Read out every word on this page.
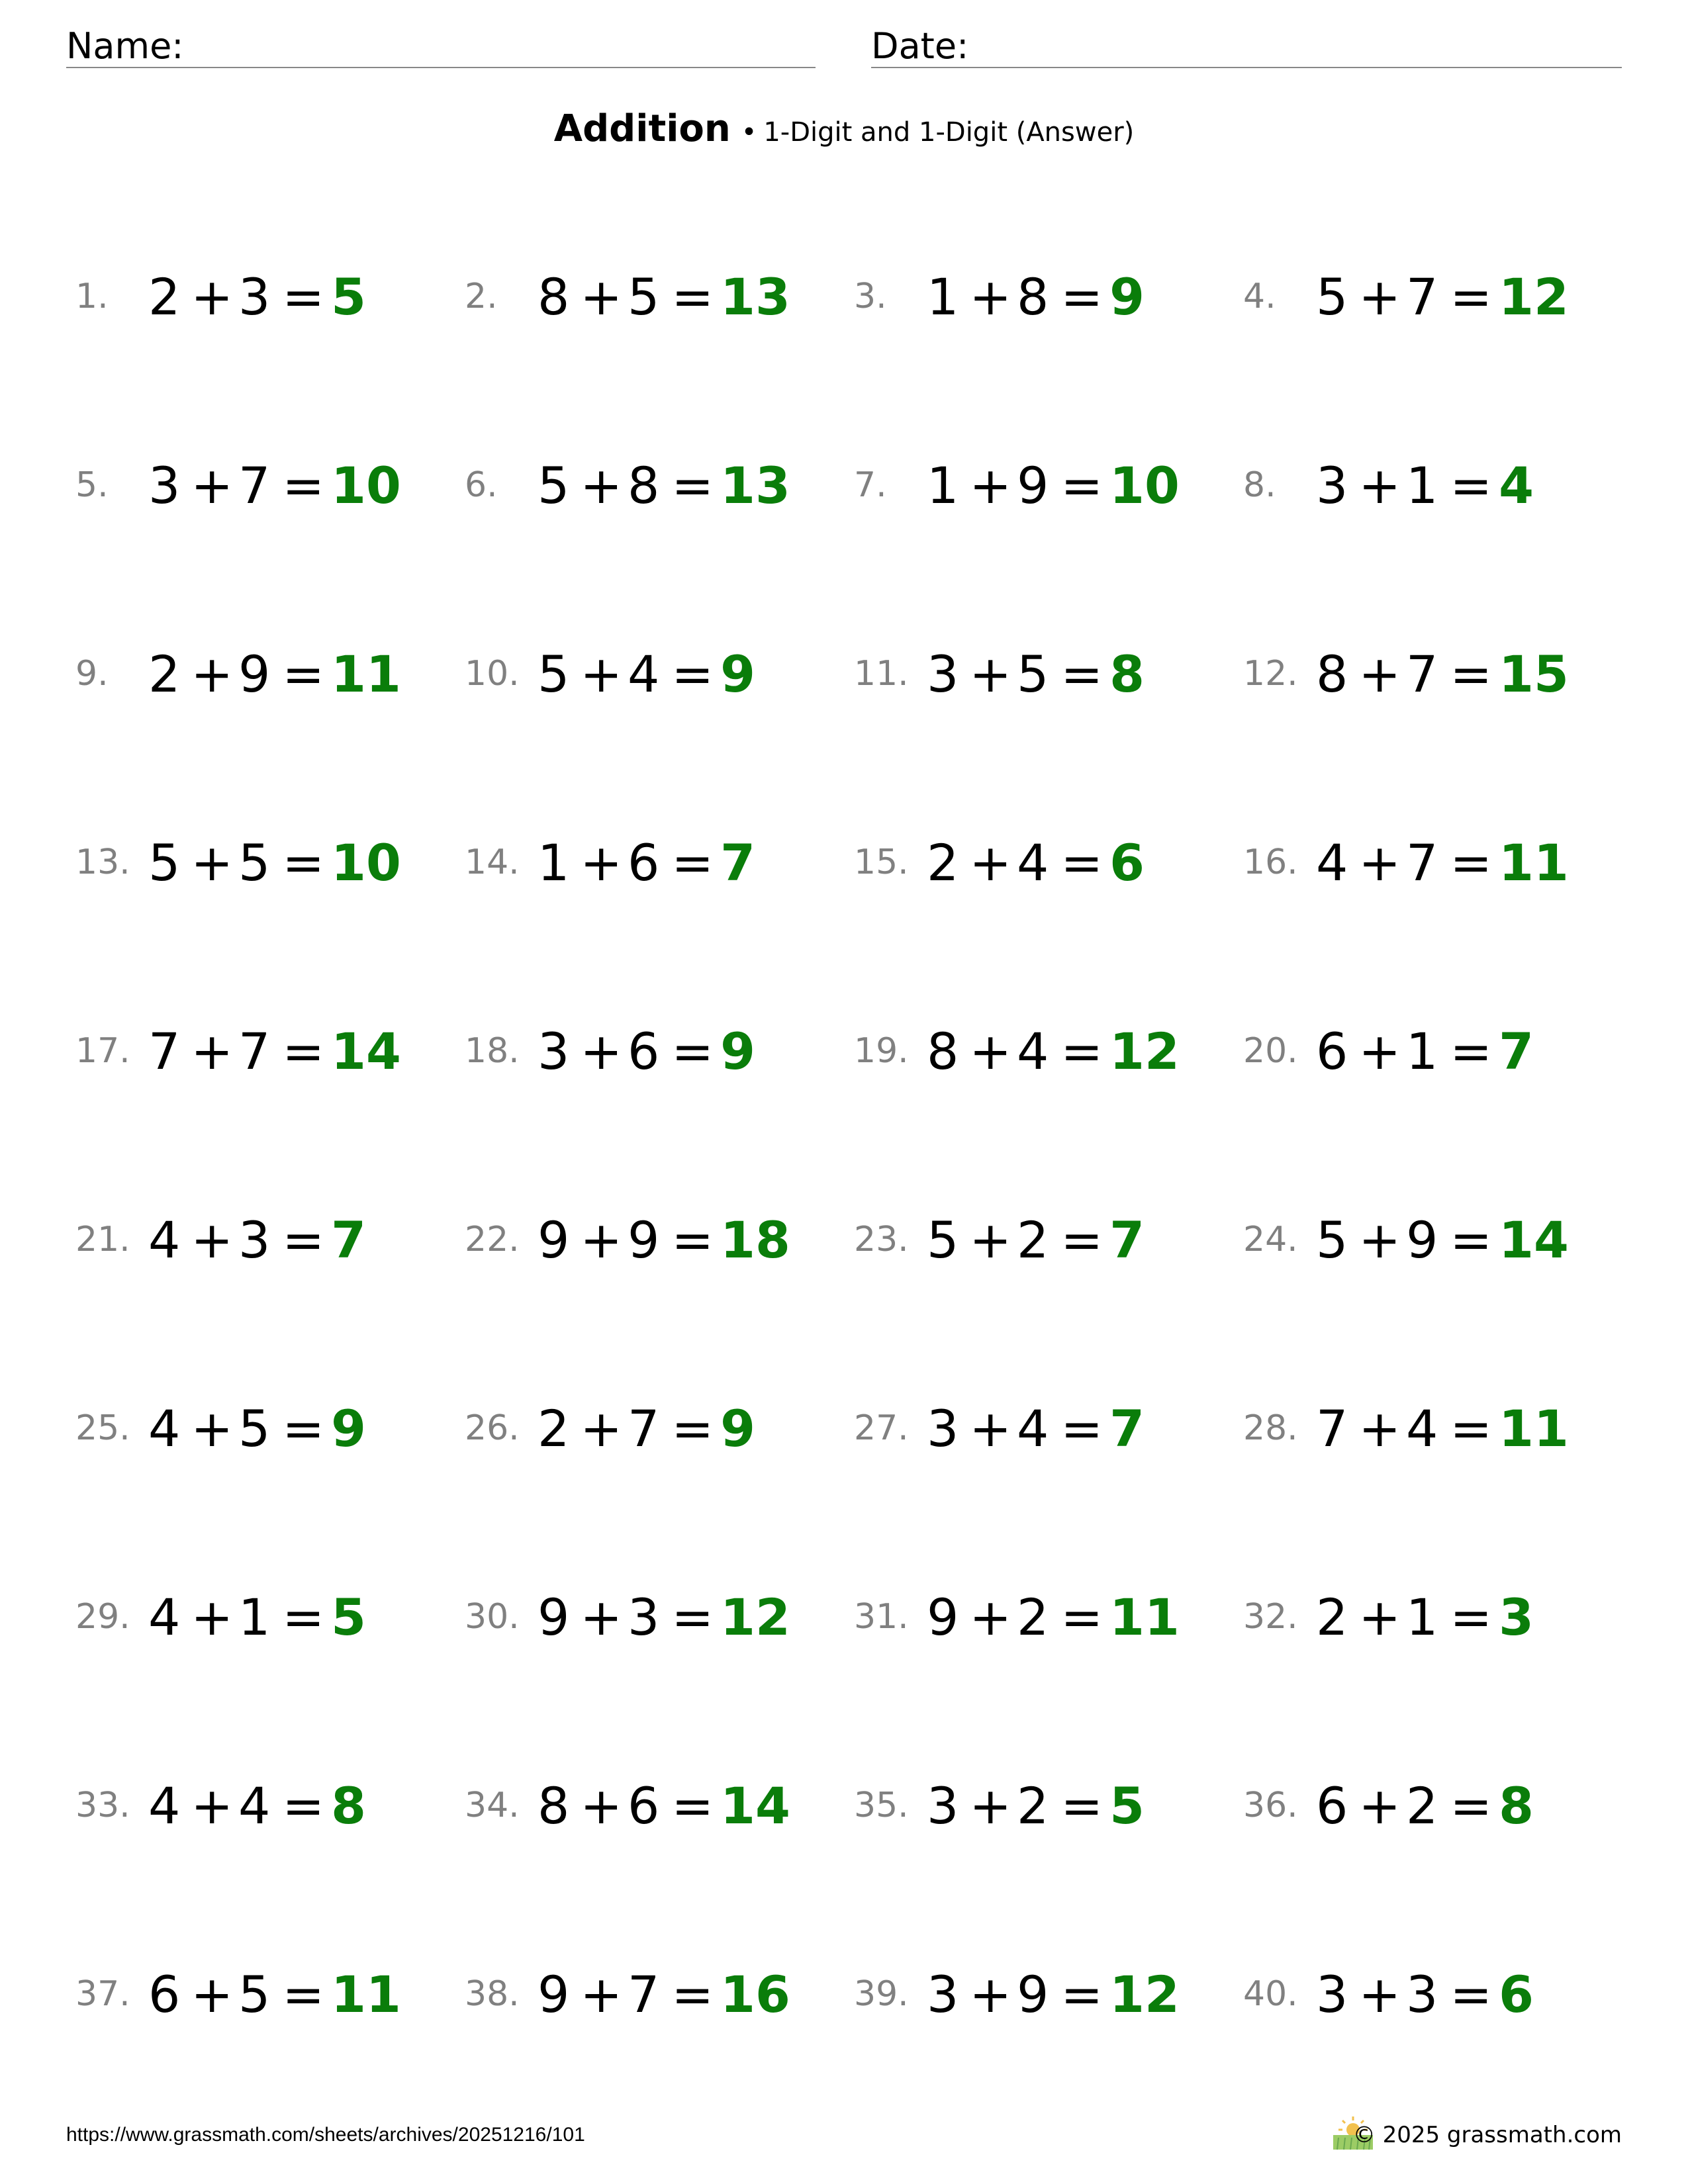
Name:	Date:
Addition • 1-Digit and 1-Digit (Answer)
1. 2 + 3 = 5	2. 8 + 5 = 13 3. 1 + 8 = 9	4. 5 + 7 = 12
5. 3 + 7 = 10 6. 5 + 8 = 13 7. 1 + 9 = 10 8. 3 + 1 = 4
9. 2 + 9 = 11 10. 5 + 4 = 9	11. 3 + 5 = 8	12. 8 + 7 = 15
13. 5 + 5 = 10 14. 1 + 6 = 7	15. 2 + 4 = 6	16. 4 + 7 = 11
17. 7 + 7 = 14 18. 3 + 6 = 9	19. 8 + 4 = 12 20. 6 + 1 = 7
21. 4 + 3 = 7	22. 9 + 9 = 18 23. 5 + 2 = 7	24. 5 + 9 = 14
25. 4 + 5 = 9	26. 2 + 7 = 9	27. 3 + 4 = 7	28. 7 + 4 = 11
29. 4 + 1 = 5	30. 9 + 3 = 12 31. 9 + 2 = 11 32. 2 + 1 = 3
33. 4 + 4 = 8	34. 8 + 6 = 14 35. 3 + 2 = 5	36. 6 + 2 = 8
37. 6 + 5 = 11 38. 9 + 7 = 16 39. 3 + 9 = 12 40. 3 + 3 = 6
https://www.grassmath.com/sheets/archives/20251216/101	© 2025 grassmath.com
